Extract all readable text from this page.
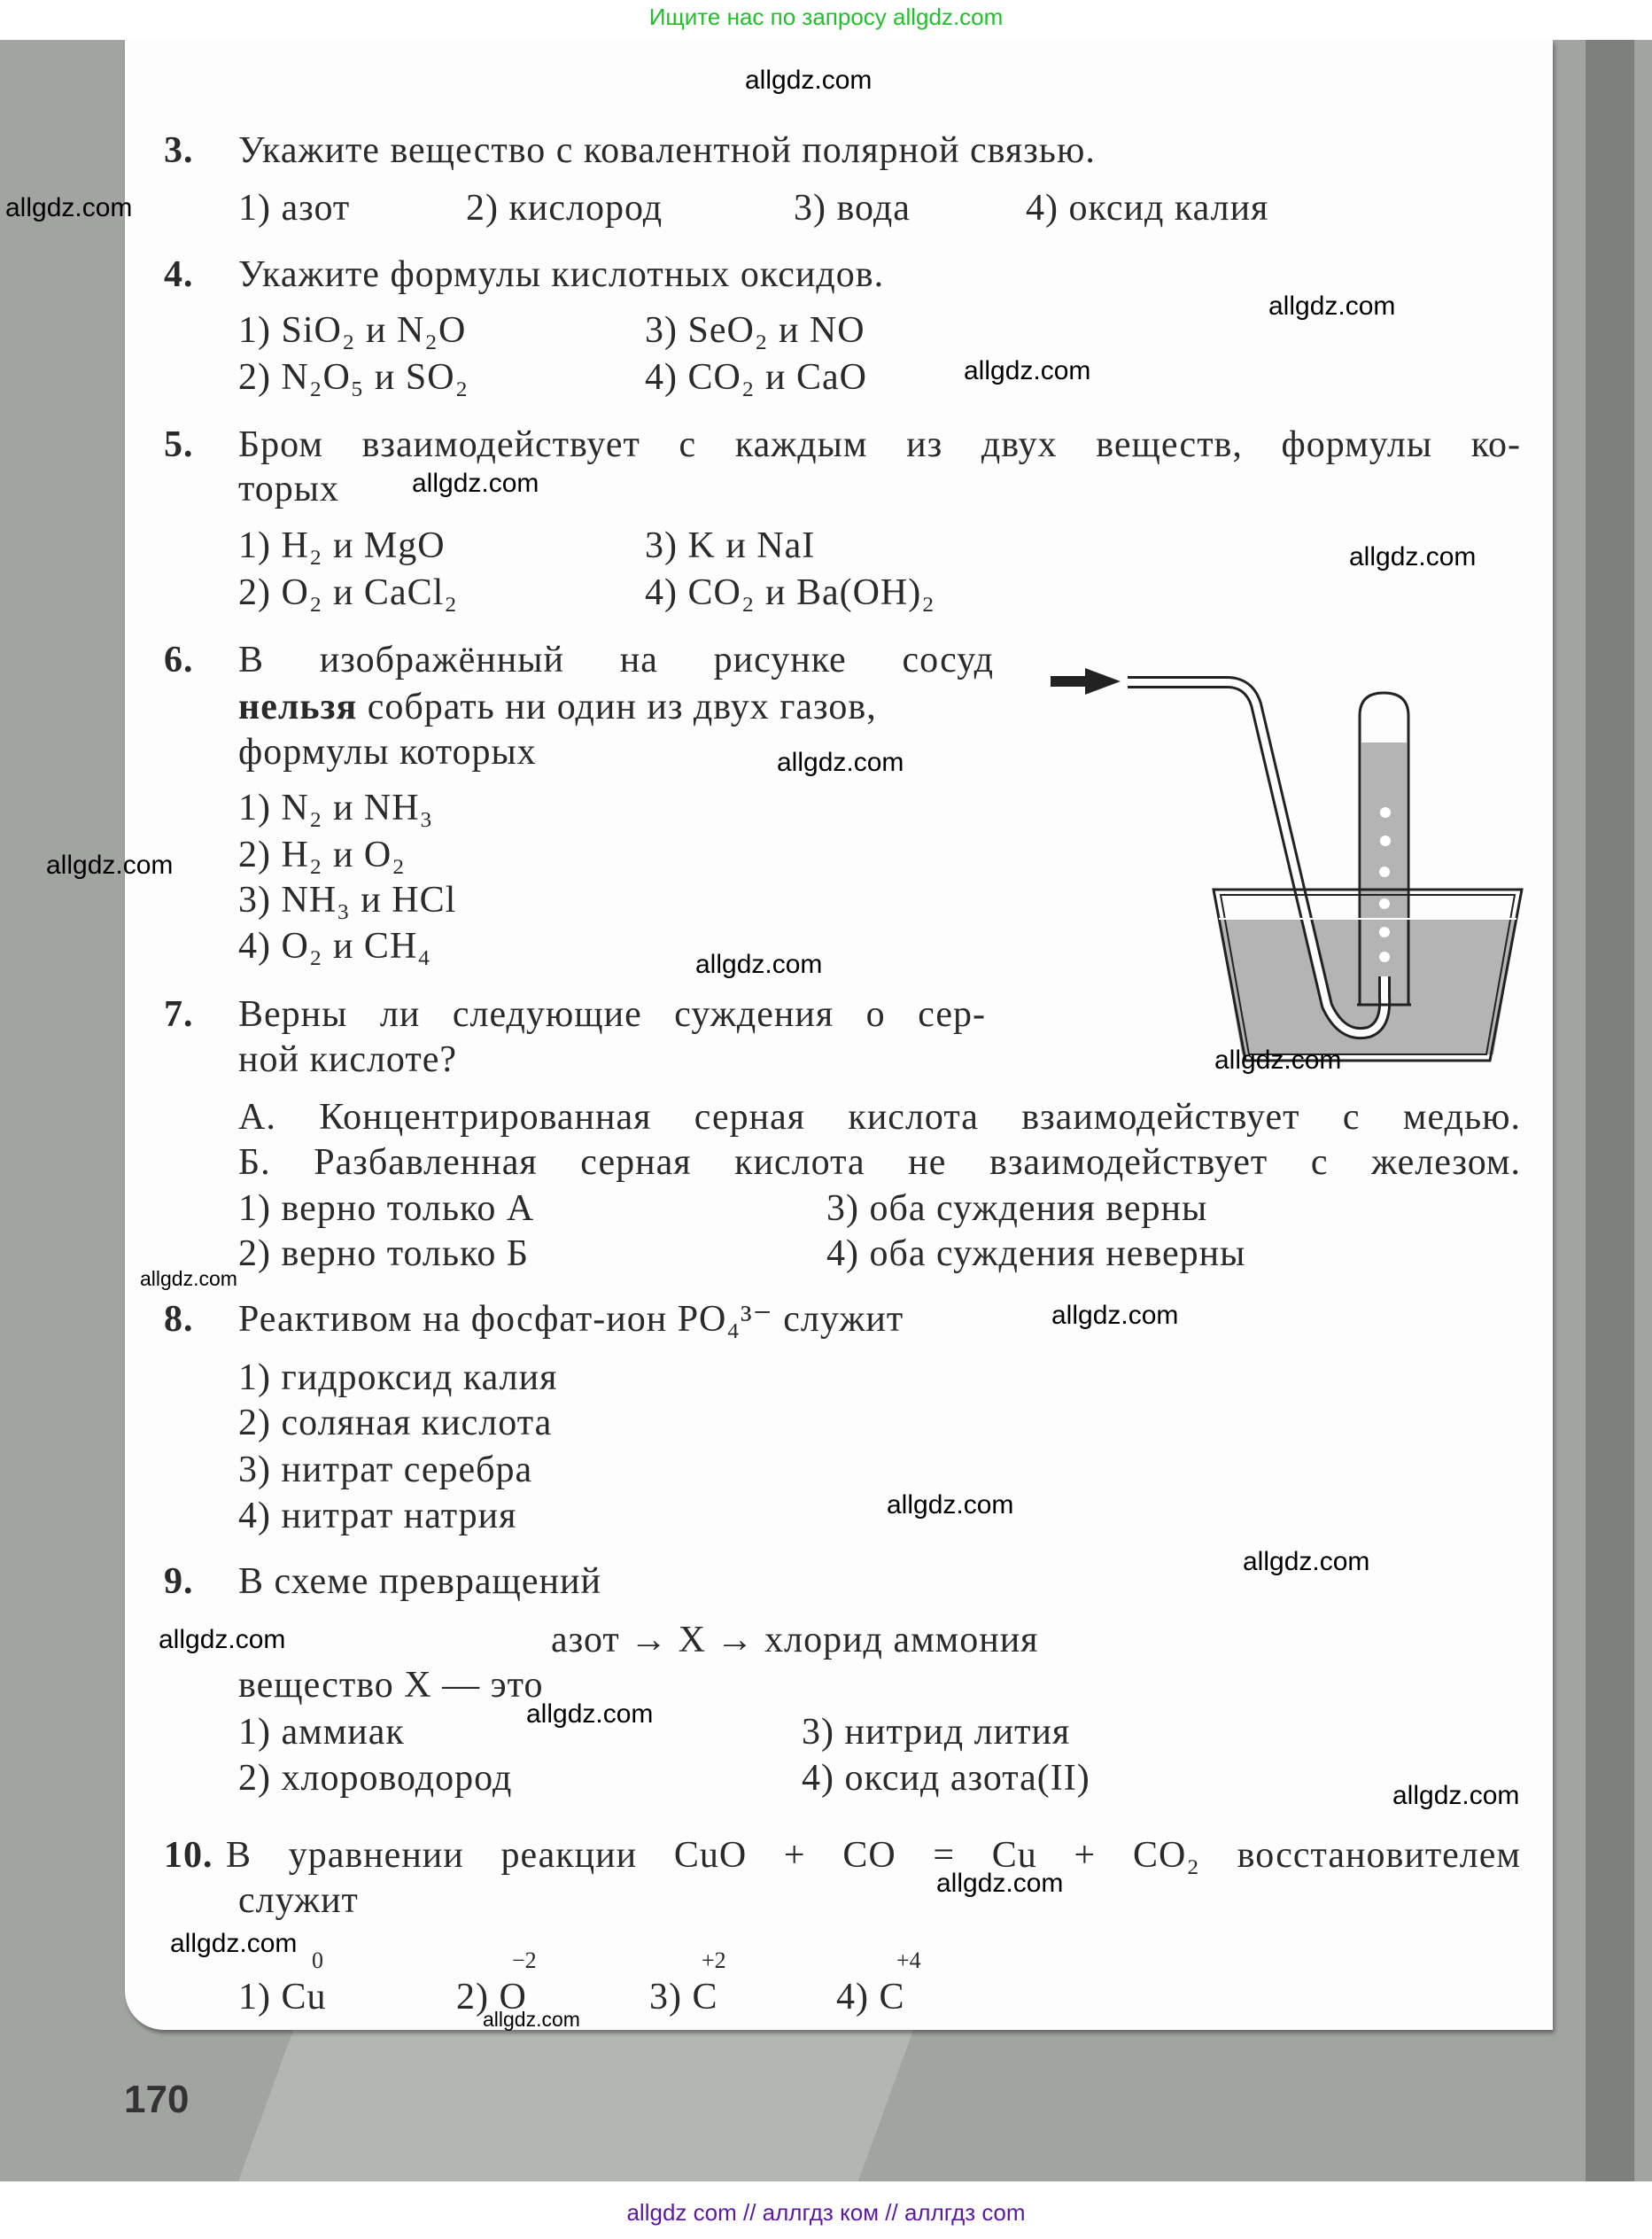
Ищите нас по запросу allgdz.com
170
allgdz com // аллгдз ком // аллгдз com
3. Укажите вещество с ковалентной полярной связью.
1) азот	2) кислород	3) вода	4) оксид калия
4. Укажите формулы кислотных оксидов.
1) SiO₂ и N₂O
2) N₂O₅ и SO₂
3) SeO₂ и NO
4) CO₂ и CaO
5. Бром взаимодействует с каждым из двух веществ, формулы ко-
торых
1) H₂ и MgO
2) O₂ и CaCl₂
3) K и NaI
4) CO₂ и Ba(OH)₂
6. В изображённый на рисунке сосуд
нельзя собрать ни один из двух газов,
формулы которых
1) N₂ и NH₃
2) H₂ и O₂
3) NH₃ и HCl
4) O₂ и CH₄
7. Верны ли следующие суждения о сер-
ной кислоте?
А. Концентрированная серная кислота взаимодействует с медью.
Б. Разбавленная серная кислота не взаимодействует с железом.
1) верно только А
2) верно только Б
3) оба суждения верны
4) оба суждения неверны
8. Реактивом на фосфат-ион PO₄³⁻ служит
1) гидроксид калия
2) соляная кислота
3) нитрат серебра
4) нитрат натрия
9. В схеме превращений
азот → X → хлорид аммония
вещество X — это
1) аммиак
2) хлороводород
3) нитрид лития
4) оксид азота(II)
10. В уравнении реакции CuO + CO = Cu + CO₂ восстановителем
служит
0	−2	+2	+4
1) Cu	2) O	3) C	4) C
allgdz.com
allgdz.com
allgdz.com
allgdz.com
allgdz.com
allgdz.com
allgdz.com
allgdz.com
allgdz.com
allgdz.com
allgdz.com
allgdz.com
allgdz.com
allgdz.com
allgdz.com
allgdz.com
allgdz.com
allgdz.com
allgdz.com
allgdz.com
